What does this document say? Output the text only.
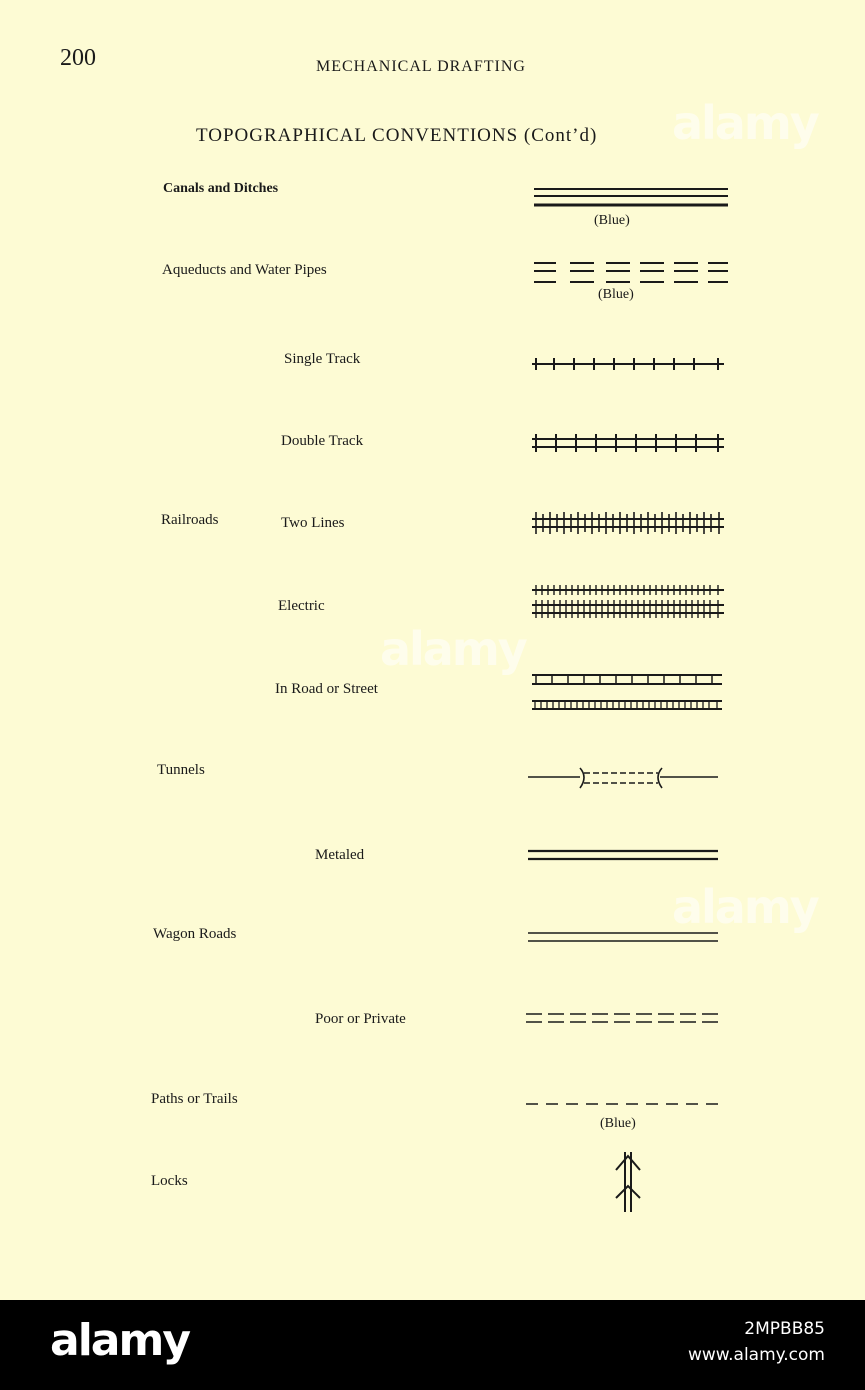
200	MECHANICAL DRAFTING
TOPOGRAPHICAL CONVENTIONS (Cont’d)
Canals and Ditches
(Blue)
Aqueducts and Water Pipes
(Blue)
Single Track
Double Track
Railroads	Two Lines
Electric
In Road or Street
Tunnels
Metaled
Wagon Roads
Poor or Private
Paths or Trails
(Blue)
Locks
alamy
alamy
alamy
alamy	2MPBB85
www.alamy.com
